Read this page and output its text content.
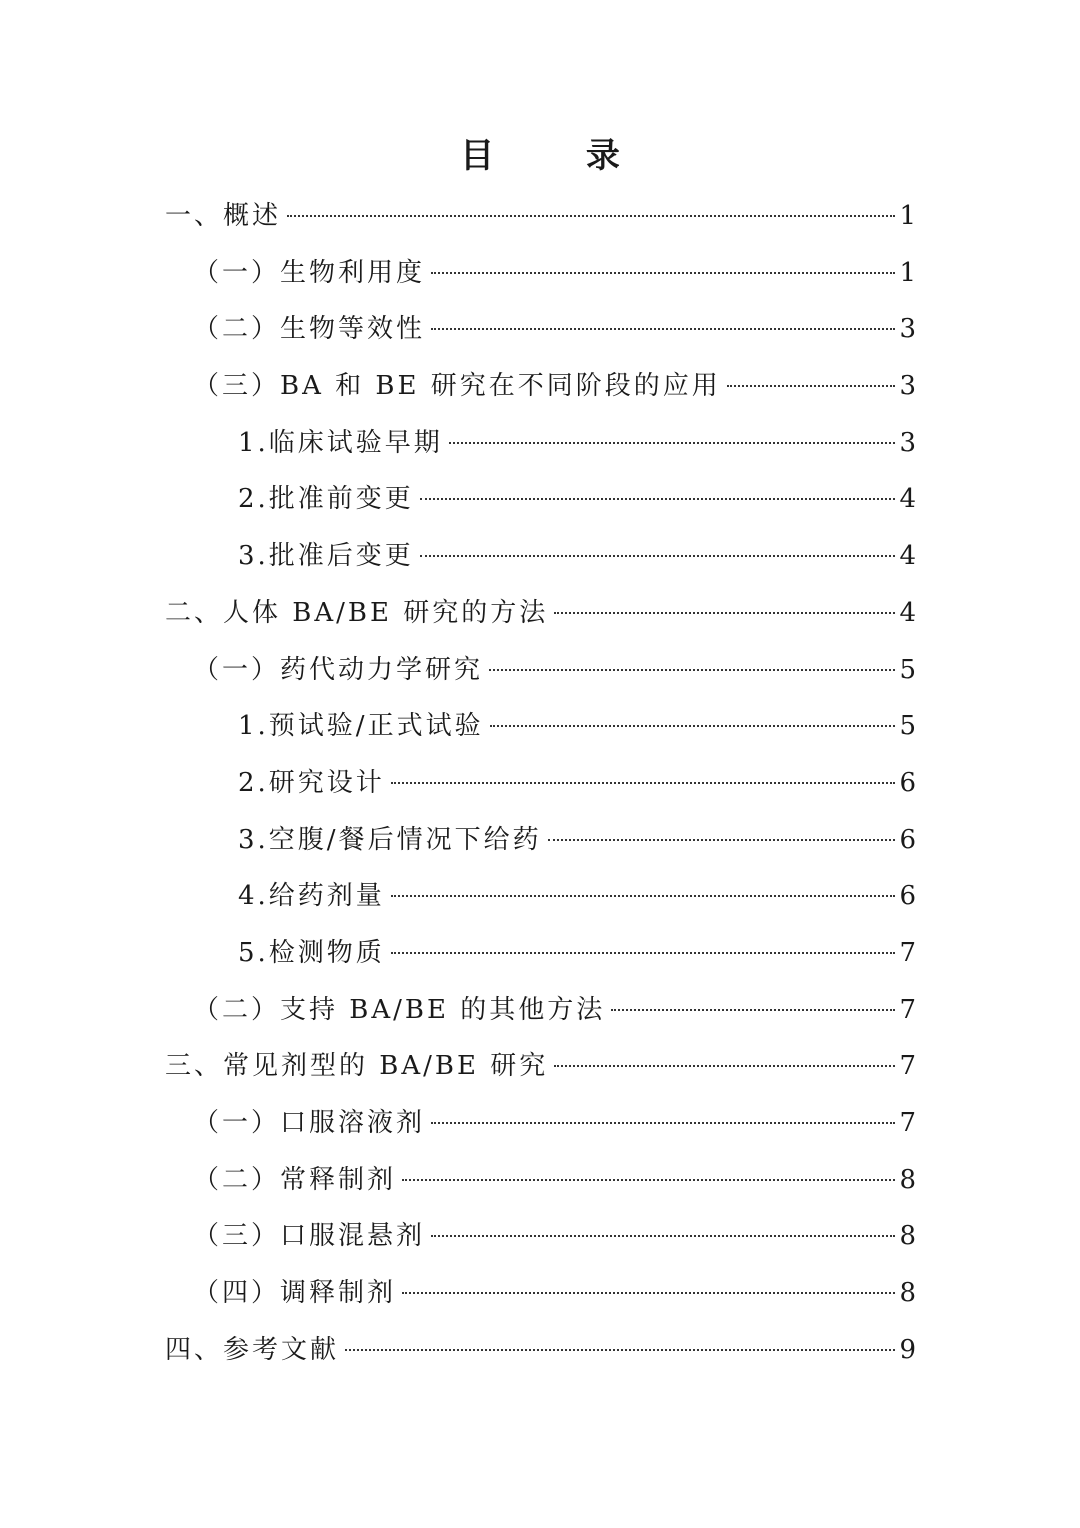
目 录
一、概述	1
（一）生物利用度	1
（二）生物等效性	3
（三）BA 和 BE 研究在不同阶段的应用	3
1.临床试验早期	3
2.批准前变更	4
3.批准后变更	4
二、人体 BA/BE 研究的方法	4
（一）药代动力学研究	5
1.预试验/正式试验	5
2.研究设计	6
3.空腹/餐后情况下给药	6
4.给药剂量	6
5.检测物质	7
（二）支持 BA/BE 的其他方法	7
三、常见剂型的 BA/BE 研究	7
（一）口服溶液剂	7
（二）常释制剂	8
（三）口服混悬剂	8
（四）调释制剂	8
四、参考文献	9
